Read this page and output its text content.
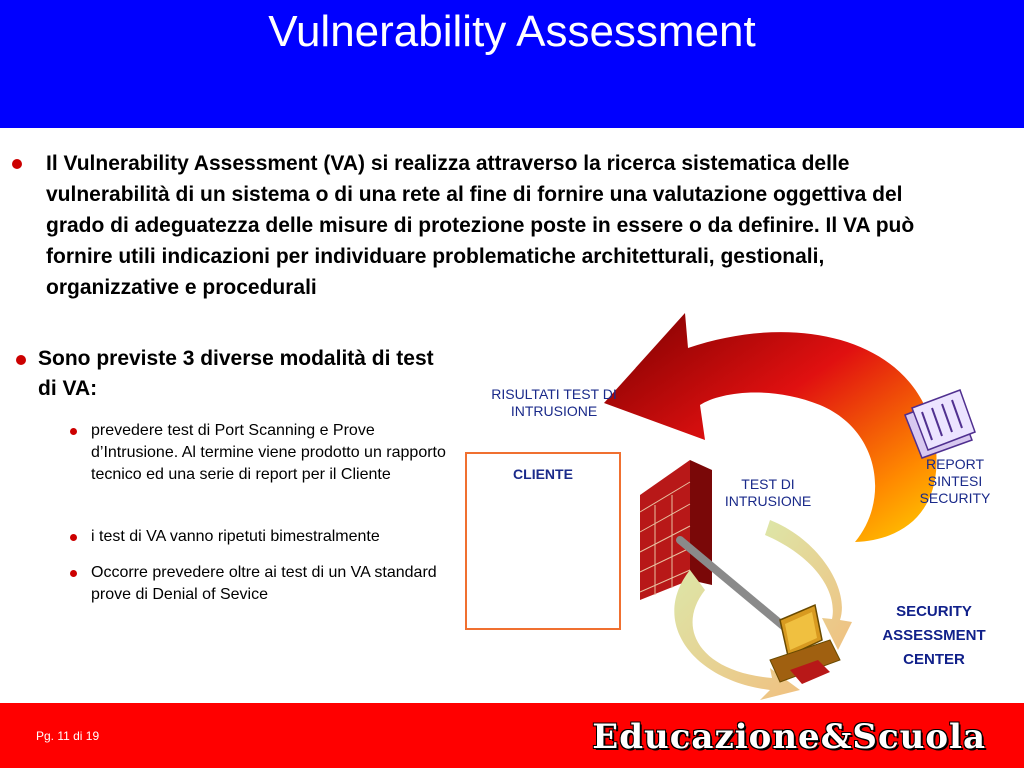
Vulnerability Assessment
Il Vulnerability Assessment (VA) si realizza attraverso la ricerca sistematica delle vulnerabilità di un sistema o di una rete al fine di fornire una valutazione oggettiva del grado di adeguatezza delle misure di protezione poste in essere o da definire. Il VA può fornire utili indicazioni per individuare problematiche architetturali, gestionali, organizzative e procedurali
Sono previste 3 diverse modalità di test di VA:
prevedere test di Port Scanning e Prove d’Intrusione. Al termine viene prodotto un rapporto tecnico ed una serie di report per il Cliente
i test di VA vanno ripetuti bimestralmente
Occorre prevedere oltre ai test di un VA standard prove di Denial of Sevice
RISULTATI TEST DI INTRUSIONE
TEST DI INTRUSIONE
REPORT SINTESI SECURITY
CLIENTE
SECURITY ASSESSMENT CENTER
Pg. 11 di 19	Educazione&Scuola
